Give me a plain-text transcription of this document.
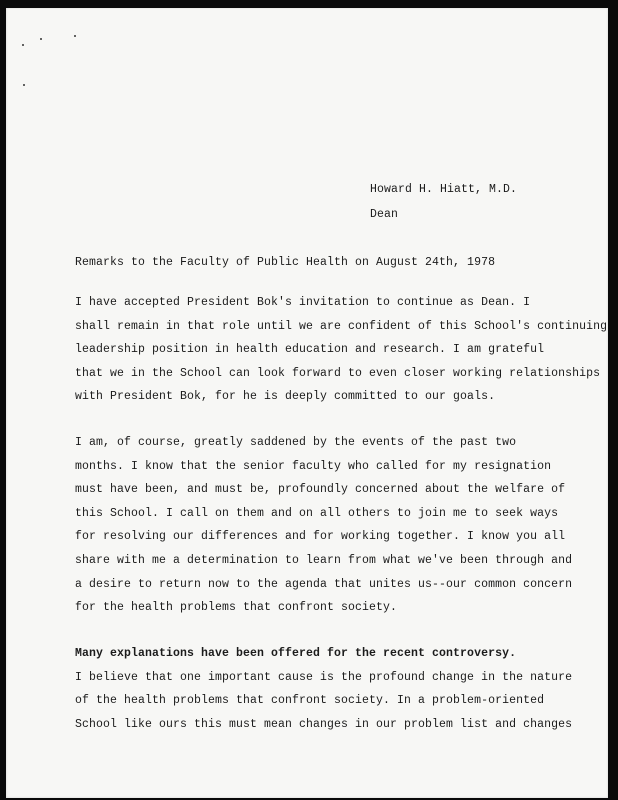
Howard H. Hiatt, M.D.
Dean
Remarks to the Faculty of Public Health on August 24th, 1978
I have accepted President Bok's invitation to continue as Dean. I
shall remain in that role until we are confident of this School's continuing
leadership position in health education and research. I am grateful
that we in the School can look forward to even closer working relationships
with President Bok, for he is deeply committed to our goals.
I am, of course, greatly saddened by the events of the past two
months. I know that the senior faculty who called for my resignation
must have been, and must be, profoundly concerned about the welfare of
this School. I call on them and on all others to join me to seek ways
for resolving our differences and for working together. I know you all
share with me a determination to learn from what we've been through and
a desire to return now to the agenda that unites us--our common concern
for the health problems that confront society.
Many explanations have been offered for the recent controversy.
I believe that one important cause is the profound change in the nature
of the health problems that confront society. In a problem-oriented
School like ours this must mean changes in our problem list and changes
